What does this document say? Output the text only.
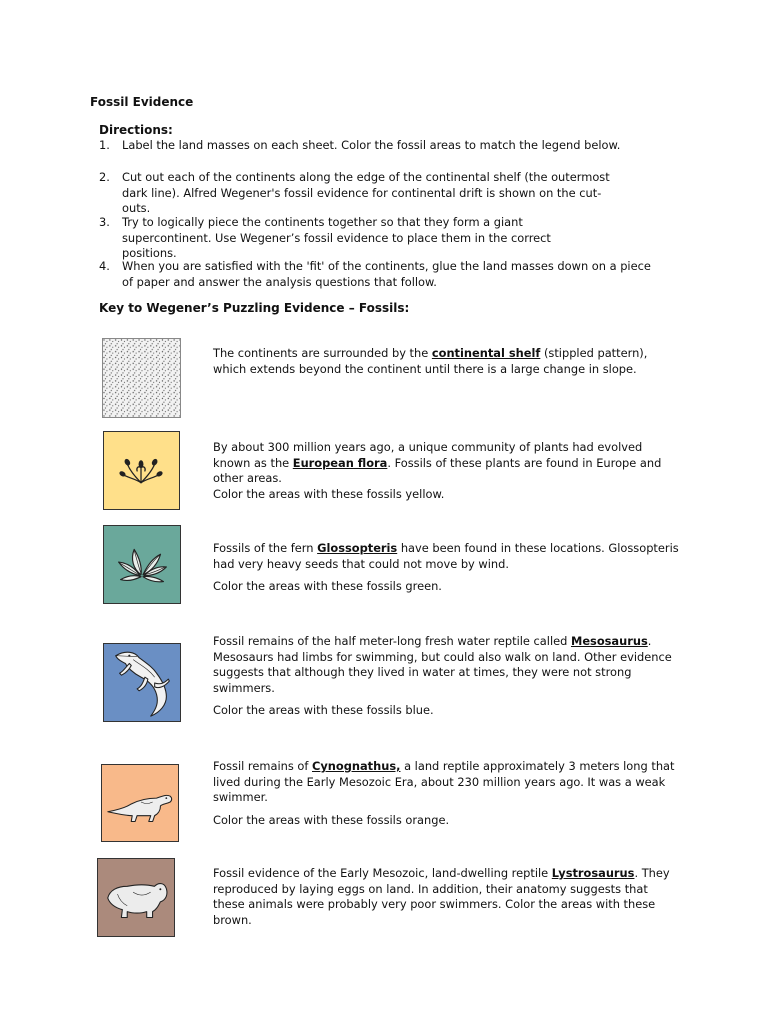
Fossil Evidence
Directions:
1.	Label the land masses on each sheet. Color the fossil areas to match the legend below.
2.	Cut out each of the continents along the edge of the continental shelf (the outermost dark line). Alfred Wegener's fossil evidence for continental drift is shown on the cut-outs.
3.	Try to logically piece the continents together so that they form a giant supercontinent. Use Wegener’s fossil evidence to place them in the correct positions.
4.	When you are satisfied with the 'fit' of the continents, glue the land masses down on a piece of paper and answer the analysis questions that follow.
Key to Wegener’s Puzzling Evidence – Fossils:

The continents are surrounded by the continental shelf (stippled pattern), which extends beyond the continent until there is a large change in slope.

By about 300 million years ago, a unique community of plants had evolved known as the European flora. Fossils of these plants are found in Europe and other areas.

Color the areas with these fossils yellow.

Fossils of the fern Glossopteris have been found in these locations. Glossopteris had very heavy seeds that could not move by wind.

Color the areas with these fossils green.

Fossil remains of the half meter-long fresh water reptile called Mesosaurus. Mesosaurs had limbs for swimming, but could also walk on land. Other evidence suggests that although they lived in water at times, they were not strong swimmers.

Color the areas with these fossils blue.

Fossil remains of Cynognathus, a land reptile approximately 3 meters long that lived during the Early Mesozoic Era, about 230 million years ago. It was a weak swimmer.

Color the areas with these fossils orange.

Fossil evidence of the Early Mesozoic, land-dwelling reptile Lystrosaurus. They reproduced by laying eggs on land. In addition, their anatomy suggests that these animals were probably very poor swimmers. Color the areas with these brown.
